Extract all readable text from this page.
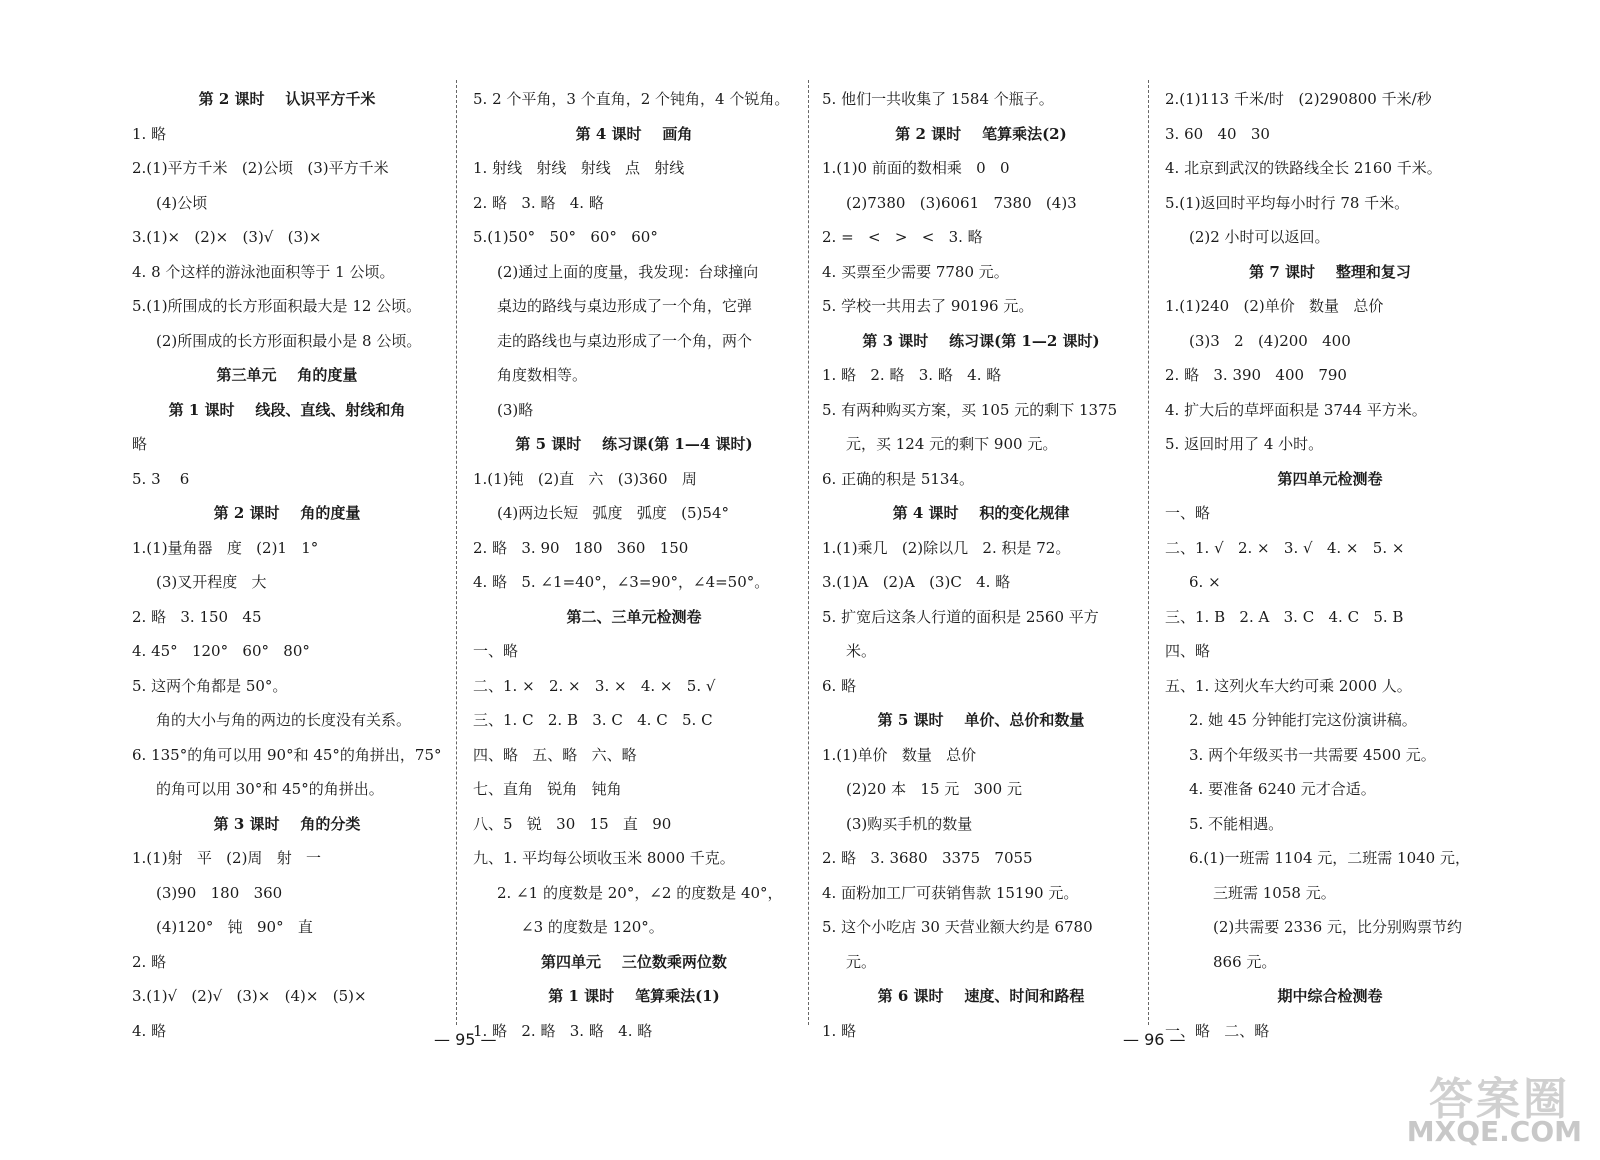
第 2 课时    认识平方千米
1. 略
2.(1)平方千米   (2)公顷   (3)平方千米
(4)公顷
3.(1)×   (2)×   (3)√   (3)×
4. 8 个这样的游泳池面积等于 1 公顷。
5.(1)所围成的长方形面积最大是 12 公顷。
(2)所围成的长方形面积最小是 8 公顷。
第三单元    角的度量
第 1 课时    线段、直线、射线和角
略
5. 3    6
第 2 课时    角的度量
1.(1)量角器   度   (2)1   1°
(3)叉开程度   大
2. 略   3. 150   45
4. 45°   120°   60°   80°
5. 这两个角都是 50°。
角的大小与角的两边的长度没有关系。
6. 135°的角可以用 90°和 45°的角拼出，75°
的角可以用 30°和 45°的角拼出。
第 3 课时    角的分类
1.(1)射   平   (2)周   射   一
(3)90   180   360
(4)120°   钝   90°   直
2. 略
3.(1)√   (2)√   (3)×   (4)×   (5)×
4. 略
5. 2 个平角，3 个直角，2 个钝角，4 个锐角。
第 4 课时    画角
1. 射线   射线   射线   点   射线
2. 略   3. 略   4. 略
5.(1)50°   50°   60°   60°
(2)通过上面的度量，我发现：台球撞向
桌边的路线与桌边形成了一个角，它弹
走的路线也与桌边形成了一个角，两个
角度数相等。
(3)略
第 5 课时    练习课(第 1—4 课时)
1.(1)钝   (2)直   六   (3)360   周
(4)两边长短   弧度   弧度   (5)54°
2. 略   3. 90   180   360   150
4. 略   5. ∠1=40°，∠3=90°，∠4=50°。
第二、三单元检测卷
一、略
二、1. ×   2. ×   3. ×   4. ×   5. √
三、1. C   2. B   3. C   4. C   5. C
四、略   五、略   六、略
七、直角   锐角   钝角
八、5   锐   30   15   直   90
九、1. 平均每公顷收玉米 8000 千克。
2. ∠1 的度数是 20°，∠2 的度数是 40°，
∠3 的度数是 120°。
第四单元    三位数乘两位数
第 1 课时    笔算乘法(1)
1. 略   2. 略   3. 略   4. 略
5. 他们一共收集了 1584 个瓶子。
第 2 课时    笔算乘法(2)
1.(1)0 前面的数相乘   0   0
(2)7380   (3)6061   7380   (4)3
2. =   <   >   <   3. 略
4. 买票至少需要 7780 元。
5. 学校一共用去了 90196 元。
第 3 课时    练习课(第 1—2 课时)
1. 略   2. 略   3. 略   4. 略
5. 有两种购买方案，买 105 元的剩下 1375
元，买 124 元的剩下 900 元。
6. 正确的积是 5134。
第 4 课时    积的变化规律
1.(1)乘几   (2)除以几   2. 积是 72。
3.(1)A   (2)A   (3)C   4. 略
5. 扩宽后这条人行道的面积是 2560 平方
米。
6. 略
第 5 课时    单价、总价和数量
1.(1)单价   数量   总价
(2)20 本   15 元   300 元
(3)购买手机的数量
2. 略   3. 3680   3375   7055
4. 面粉加工厂可获销售款 15190 元。
5. 这个小吃店 30 天营业额大约是 6780
元。
第 6 课时    速度、时间和路程
1. 略
2.(1)113 千米/时   (2)290800 千米/秒
3. 60   40   30
4. 北京到武汉的铁路线全长 2160 千米。
5.(1)返回时平均每小时行 78 千米。
(2)2 小时可以返回。
第 7 课时    整理和复习
1.(1)240   (2)单价   数量   总价
(3)3   2   (4)200   400
2. 略   3. 390   400   790
4. 扩大后的草坪面积是 3744 平方米。
5. 返回时用了 4 小时。
第四单元检测卷
一、略
二、1. √   2. ×   3. √   4. ×   5. ×
6. ×
三、1. B   2. A   3. C   4. C   5. B
四、略
五、1. 这列火车大约可乘 2000 人。
2. 她 45 分钟能打完这份演讲稿。
3. 两个年级买书一共需要 4500 元。
4. 要准备 6240 元才合适。
5. 不能相遇。
6.(1)一班需 1104 元，二班需 1040 元，
三班需 1058 元。
(2)共需要 2336 元，比分别购票节约
866 元。
期中综合检测卷
一、略   二、略
— 95 —	— 96 —
答案圈
MXQE.COM
